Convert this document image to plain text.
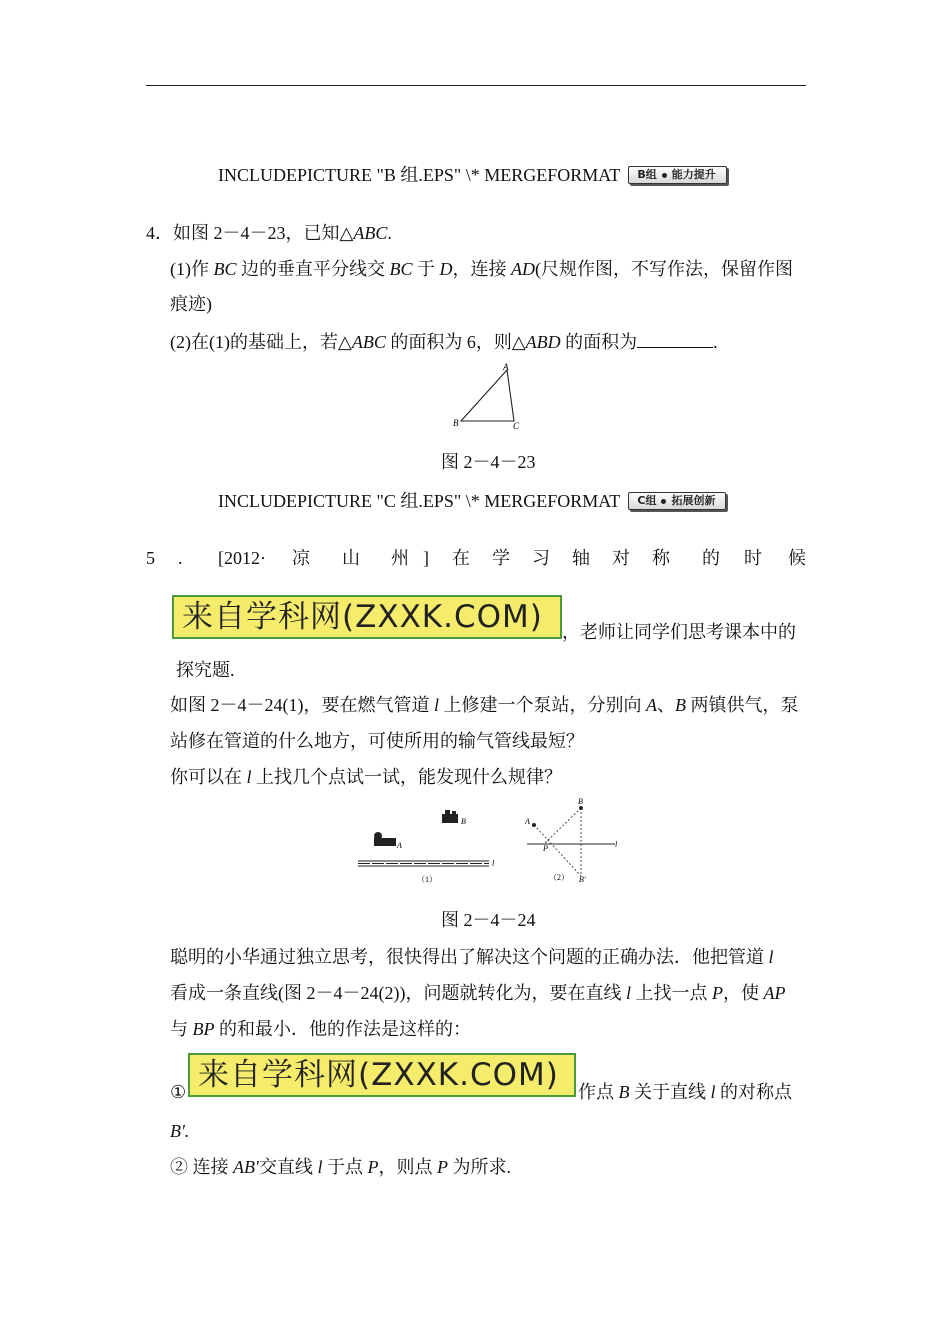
INCLUDEPICTURE "B 组.EPS" \* MERGEFORMAT B组 能力提升
4．如图 2－4－23，已知△ABC.
(1)作 BC 边的垂直平分线交 BC 于 D，连接 AD(尺规作图，不写作法，保留作图
痕迹)
(2)在(1)的基础上，若△ABC 的面积为 6，则△ABD 的面积为	.
A
B	C
图 2－4－23
INCLUDEPICTURE "C 组.EPS" \* MERGEFORMAT C组 拓展创新
5 . [2012· 凉 山 州 ] 在 学 习 轴 对 称 的 时 候
来自学科网(ZXXK.COM)	，老师让同学们思考课本中的
探究题.
如图 2－4－24(1)，要在燃气管道 l 上修建一个泵站，分别向 A、B 两镇供气，泵
站修在管道的什么地方，可使所用的输气管线最短？
你可以在 l 上找几个点试一试，能发现什么规律？
B
A
l
（1）
l
B
A
P
（2） B′
图 2－4－24
聪明的小华通过独立思考，很快得出了解决这个问题的正确办法．他把管道 l
看成一条直线(图 2－4－24(2))，问题就转化为，要在直线 l 上找一点 P，使 AP
与 BP 的和最小．他的作法是这样的：
① 来自学科网(ZXXK.COM)	作点 B 关于直线 l 的对称点
B′.
② 连接 AB′交直线 l 于点 P，则点 P 为所求.
